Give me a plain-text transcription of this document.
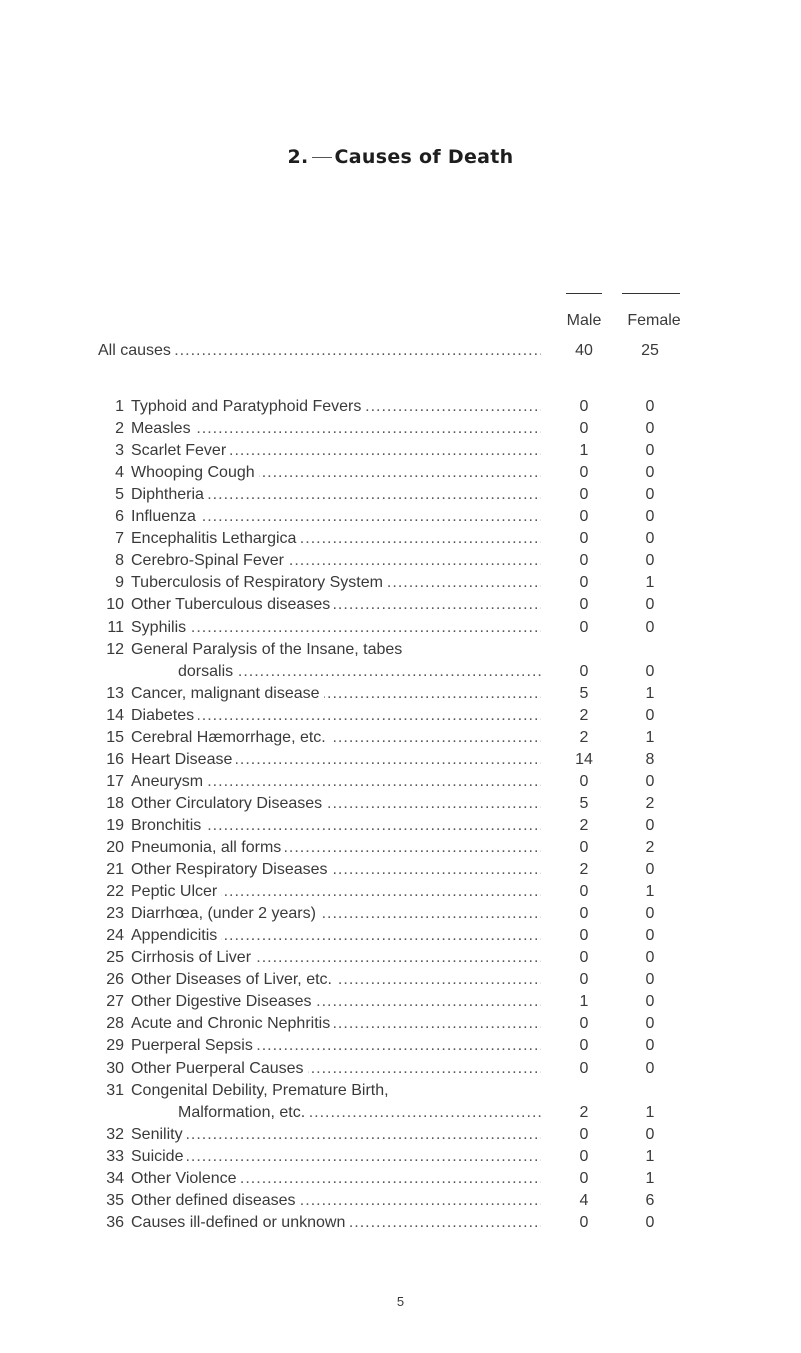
2. Causes of Death
Male	Female
All causes .....	40	25
1 Typhoid and Paratyphoid Fevers .....	0	0
2 Measles .....	0	0
3 Scarlet Fever .....	1	0
4 Whooping Cough .....	0	0
5 Diphtheria .....	0	0
6 Influenza .....	0	0
7 Encephalitis Lethargica .....	0	0
8 Cerebro-Spinal Fever .....	0	0
9 Tuberculosis of Respiratory System .....	0	1
10 Other Tuberculous diseases .....	0	0
11 Syphilis .....	0	0
12 General Paralysis of the Insane, tabes
dorsalis .....	0	0
13 Cancer, malignant disease .....	5	1
14 Diabetes .....	2	0
15 Cerebral Hæmorrhage, etc. .....	2	1
16 Heart Disease .....	14	8
17 Aneurysm .....	0	0
18 Other Circulatory Diseases .....	5	2
19 Bronchitis .....	2	0
20 Pneumonia, all forms .....	0	2
21 Other Respiratory Diseases .....	2	0
22 Peptic Ulcer .....	0	1
23 Diarrhœa, (under 2 years) .....	0	0
24 Appendicitis .....	0	0
25 Cirrhosis of Liver .....	0	0
26 Other Diseases of Liver, etc. .....	0	0
27 Other Digestive Diseases .....	1	0
28 Acute and Chronic Nephritis .....	0	0
29 Puerperal Sepsis .....	0	0
30 Other Puerperal Causes .....	0	0
31 Congenital Debility, Premature Birth,
Malformation, etc. .....	2	1
32 Senility .....	0	0
33 Suicide .....	0	1
34 Other Violence .....	0	1
35 Other defined diseases .....	4	6
36 Causes ill-defined or unknown .....	0	0
5
